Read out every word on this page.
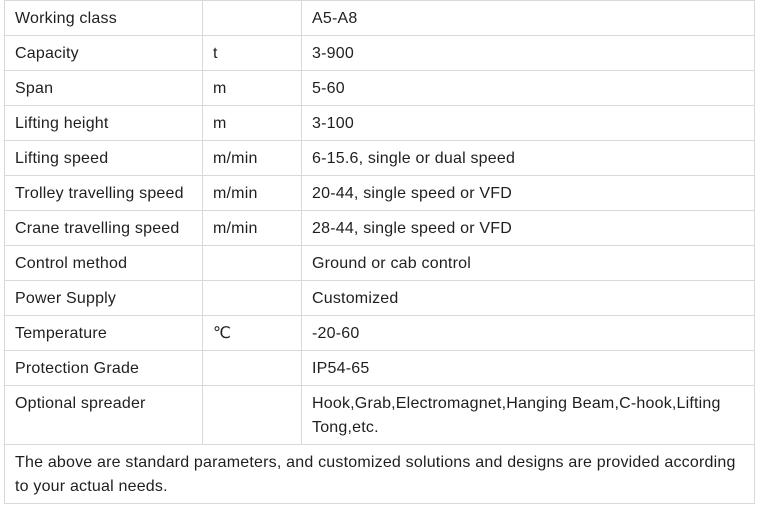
Working class		A5-A8
Capacity	t	3-900
Span	m	5-60
Lifting height	m	3-100
Lifting speed	m/min	6-15.6, single or dual speed
Trolley travelling speed	m/min	20-44, single speed or VFD
Crane travelling speed	m/min	28-44, single speed or VFD
Control method		Ground or cab control
Power Supply		Customized
Temperature	℃	-20-60
Protection Grade		IP54-65
Optional spreader		Hook,Grab,Electromagnet,Hanging Beam,C-hook,Lifting Tong,etc.
The above are standard parameters, and customized solutions and designs are provided according to your actual needs.		
